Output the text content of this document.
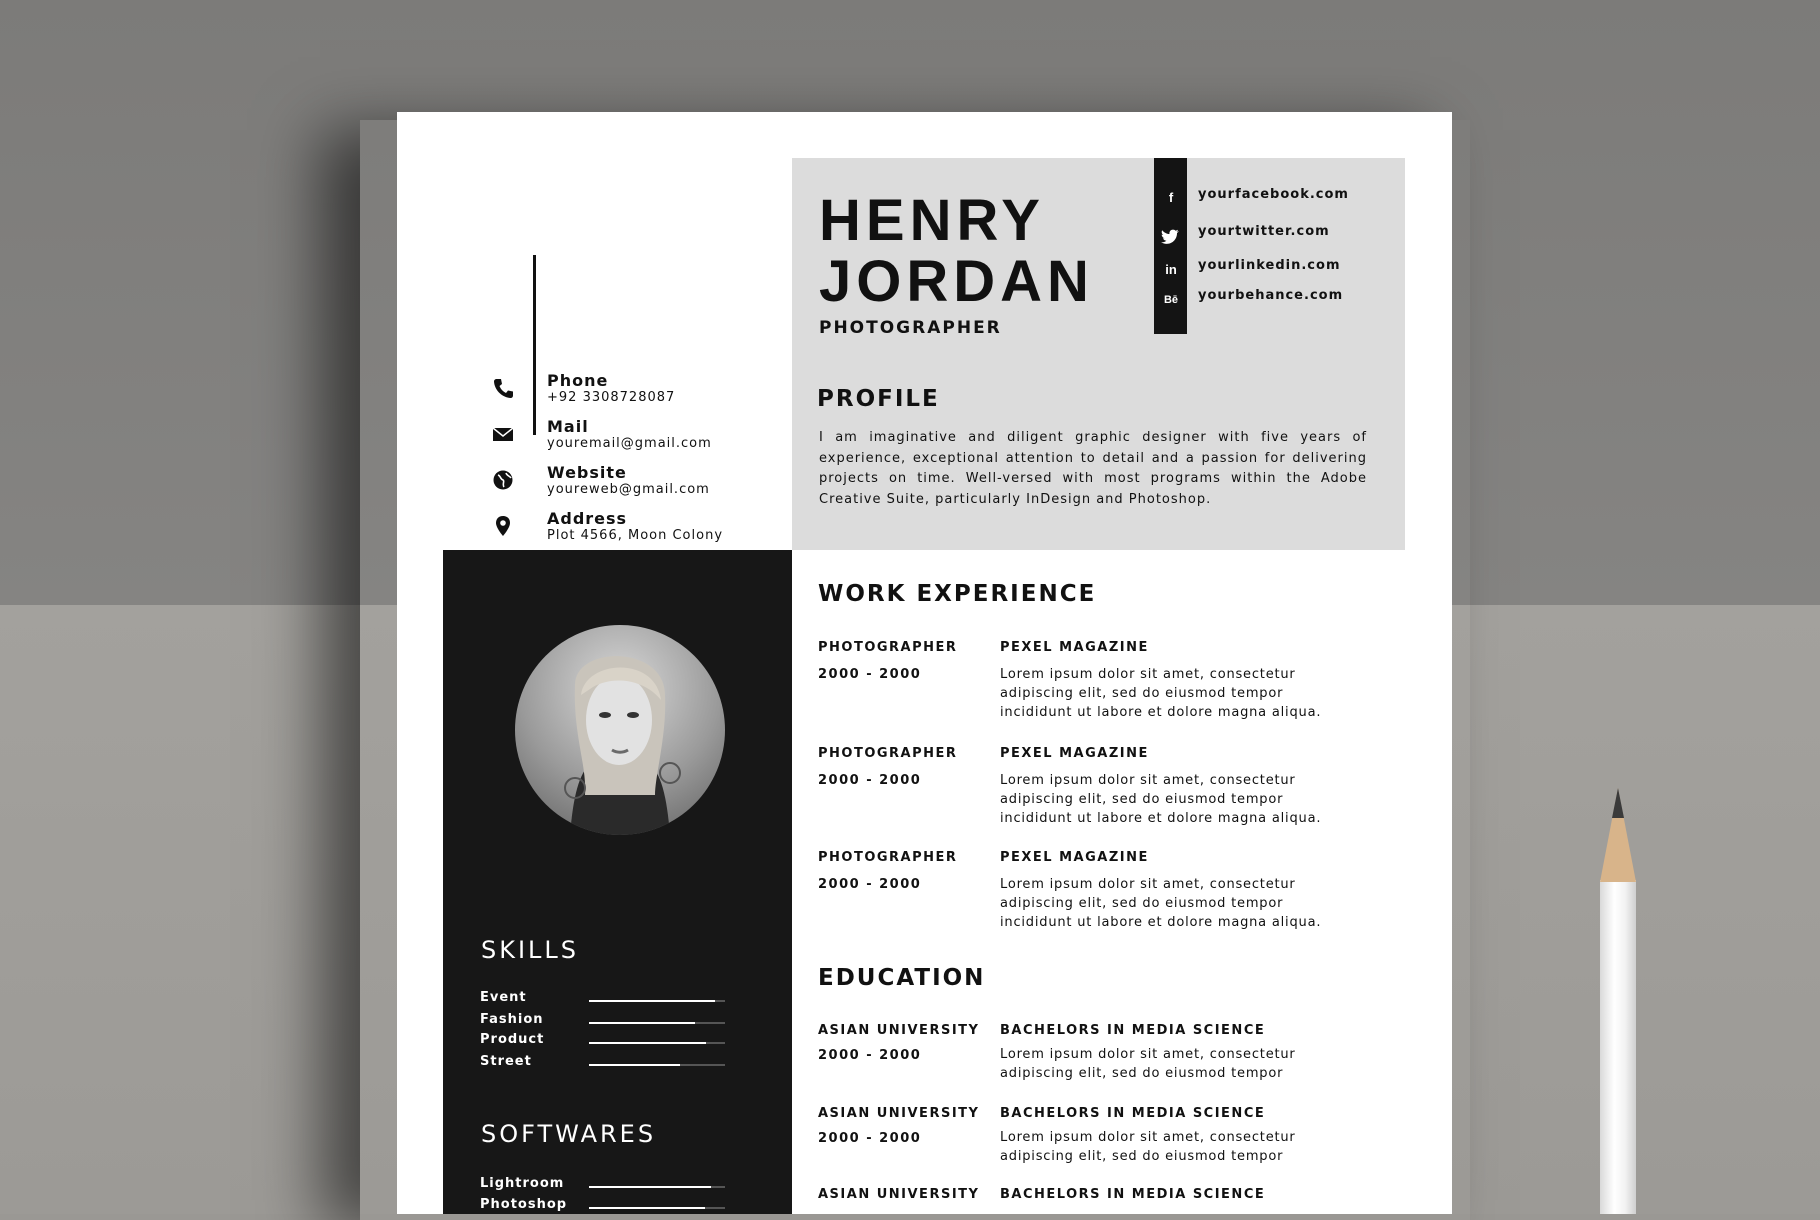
Phone
+92 3308728087
Mail
youremail@gmail.com
Website
youreweb@gmail.com
Address
Plot 4566, Moon Colony
HENRY
JORDAN
PHOTOGRAPHER
f
in
Bē
yourfacebook.com
yourtwitter.com
yourlinkedin.com
yourbehance.com
PROFILE
I am imaginative and diligent graphic designer with five years of experience, exceptional attention to detail and a passion for delivering projects on time. Well-versed with most programs within the Adobe Creative Suite, particularly InDesign and Photoshop.
SKILLS
Event
Fashion
Product
Street
SOFTWARES
Lightroom
Photoshop
WORK EXPERIENCE
PHOTOGRAPHER
2000 - 2000
PEXEL MAGAZINE
Lorem ipsum dolor sit amet, consectetur adipiscing elit, sed do eiusmod tempor incididunt ut labore et dolore magna aliqua.
PHOTOGRAPHER
2000 - 2000
PEXEL MAGAZINE
Lorem ipsum dolor sit amet, consectetur adipiscing elit, sed do eiusmod tempor incididunt ut labore et dolore magna aliqua.
PHOTOGRAPHER
2000 - 2000
PEXEL MAGAZINE
Lorem ipsum dolor sit amet, consectetur adipiscing elit, sed do eiusmod tempor incididunt ut labore et dolore magna aliqua.
EDUCATION
ASIAN UNIVERSITY
2000 - 2000
BACHELORS IN MEDIA SCIENCE
Lorem ipsum dolor sit amet, consectetur adipiscing elit, sed do eiusmod tempor
ASIAN UNIVERSITY
2000 - 2000
BACHELORS IN MEDIA SCIENCE
Lorem ipsum dolor sit amet, consectetur adipiscing elit, sed do eiusmod tempor
ASIAN UNIVERSITY BACHELORS IN MEDIA SCIENCE
